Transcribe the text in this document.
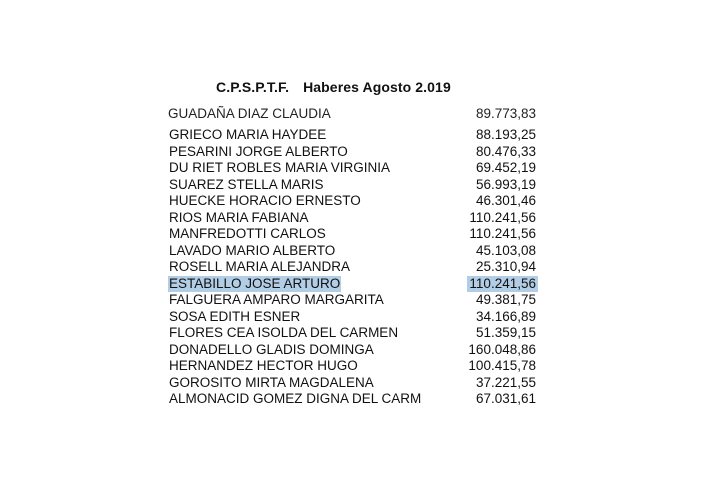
C.P.S.P.T.F. Haberes Agosto 2.019
GUADAÑA DIAZ CLAUDIA	89.773,83
GRIECO MARIA HAYDEE	88.193,25
PESARINI JORGE ALBERTO	80.476,33
DU RIET ROBLES MARIA VIRGINIA	69.452,19
SUAREZ STELLA MARIS	56.993,19
HUECKE HORACIO ERNESTO	46.301,46
RIOS MARIA FABIANA	110.241,56
MANFREDOTTI CARLOS	110.241,56
LAVADO MARIO ALBERTO	45.103,08
ROSELL MARIA ALEJANDRA	25.310,94
ESTABILLO JOSE ARTURO	110.241,56
FALGUERA AMPARO MARGARITA	49.381,75
SOSA EDITH ESNER	34.166,89
FLORES CEA ISOLDA DEL CARMEN	51.359,15
DONADELLO GLADIS DOMINGA	160.048,86
HERNANDEZ HECTOR HUGO	100.415,78
GOROSITO MIRTA MAGDALENA	37.221,55
ALMONACID GOMEZ DIGNA DEL CARM	67.031,61
